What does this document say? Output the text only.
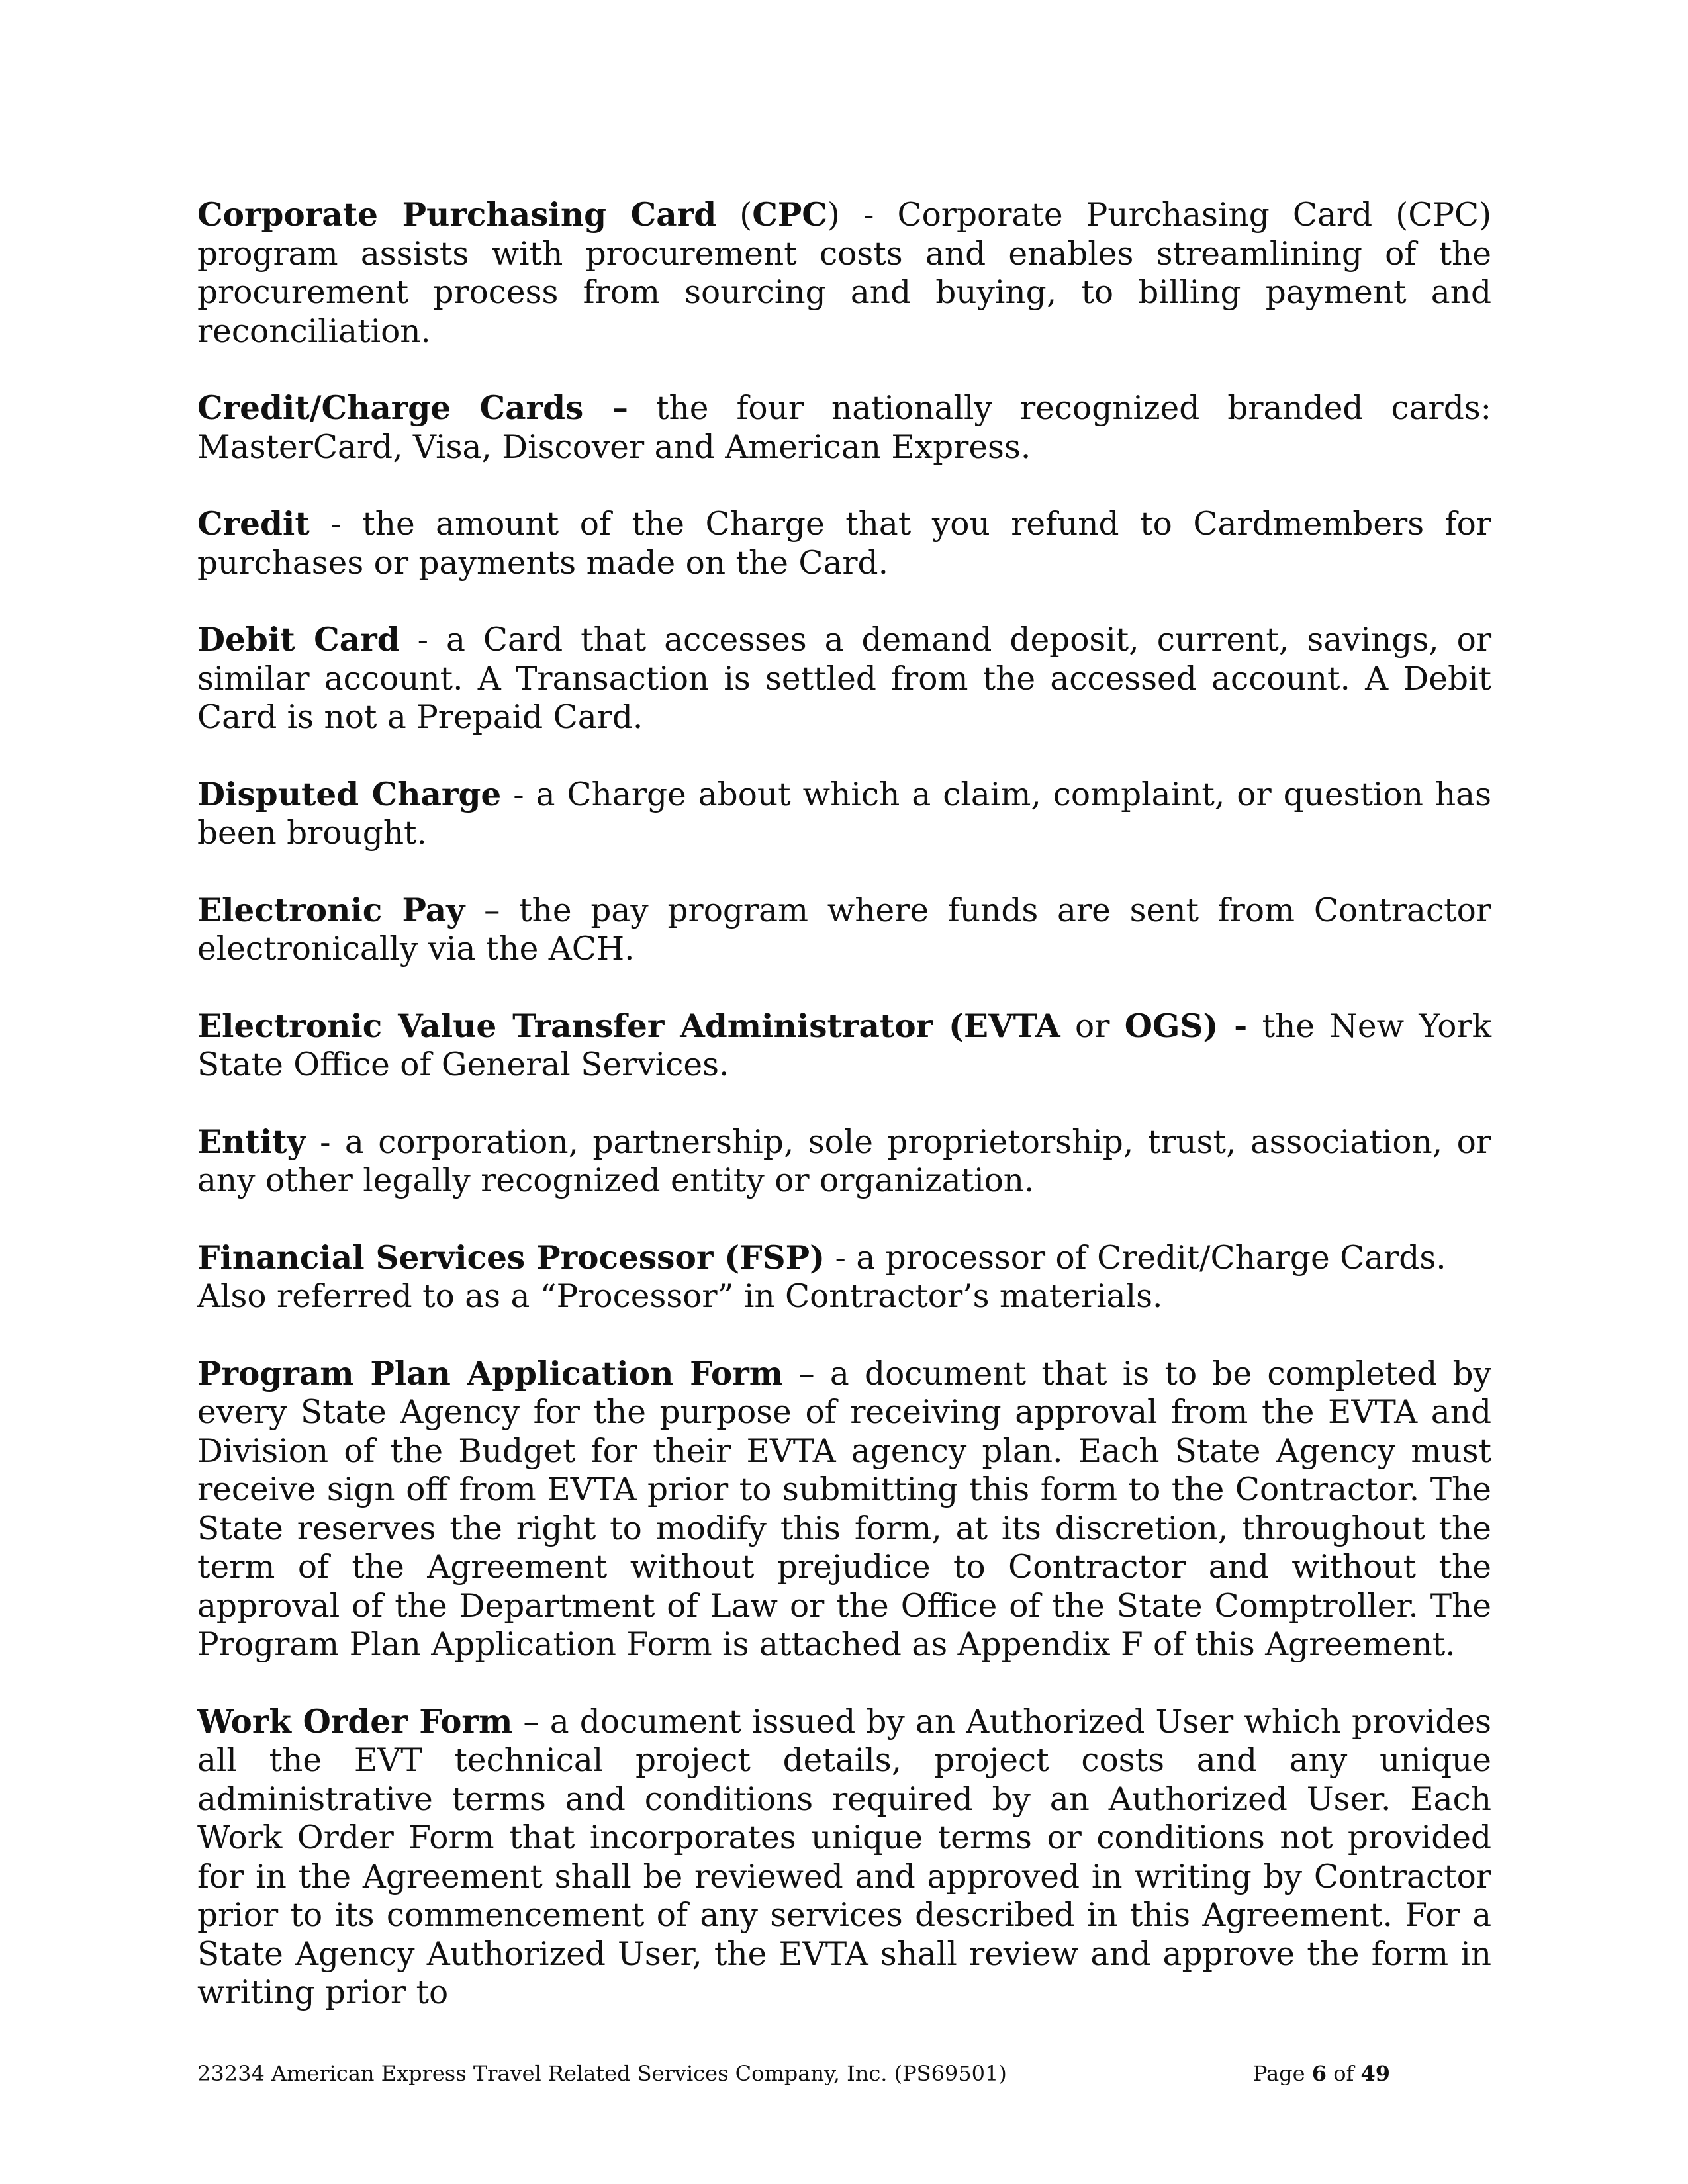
Corporate Purchasing Card (CPC) - Corporate Purchasing Card (CPC) program assists with procurement costs and enables streamlining of the procurement process from sourcing and buying, to billing payment and reconciliation.

Credit/Charge Cards – the four nationally recognized branded cards: MasterCard, Visa, Discover and American Express.

Credit - the amount of the Charge that you refund to Cardmembers for purchases or payments made on the Card.

Debit Card - a Card that accesses a demand deposit, current, savings, or similar account. A Transaction is settled from the accessed account. A Debit Card is not a Prepaid Card.

Disputed Charge - a Charge about which a claim, complaint, or question has been brought.

Electronic Pay – the pay program where funds are sent from Contractor electronically via the ACH.

Electronic Value Transfer Administrator (EVTA or OGS) - the New York State Office of General Services.

Entity - a corporation, partnership, sole proprietorship, trust, association, or any other legally recognized entity or organization.

Financial Services Processor (FSP) - a processor of Credit/Charge Cards. Also referred to as a “Processor” in Contractor’s materials.

Program Plan Application Form – a document that is to be completed by every State Agency for the purpose of receiving approval from the EVTA and Division of the Budget for their EVTA agency plan. Each State Agency must receive sign off from EVTA prior to submitting this form to the Contractor. The State reserves the right to modify this form, at its discretion, throughout the term of the Agreement without prejudice to Contractor and without the approval of the Department of Law or the Office of the State Comptroller. The Program Plan Application Form is attached as Appendix F of this Agreement.

Work Order Form – a document issued by an Authorized User which provides all the EVT technical project details, project costs and any unique administrative terms and conditions required by an Authorized User. Each Work Order Form that incorporates unique terms or conditions not provided for in the Agreement shall be reviewed and approved in writing by Contractor prior to its commencement of any services described in this Agreement. For a State Agency Authorized User, the EVTA shall review and approve the form in writing prior to

23234 American Express Travel Related Services Company, Inc. (PS69501)	Page 6 of 49
